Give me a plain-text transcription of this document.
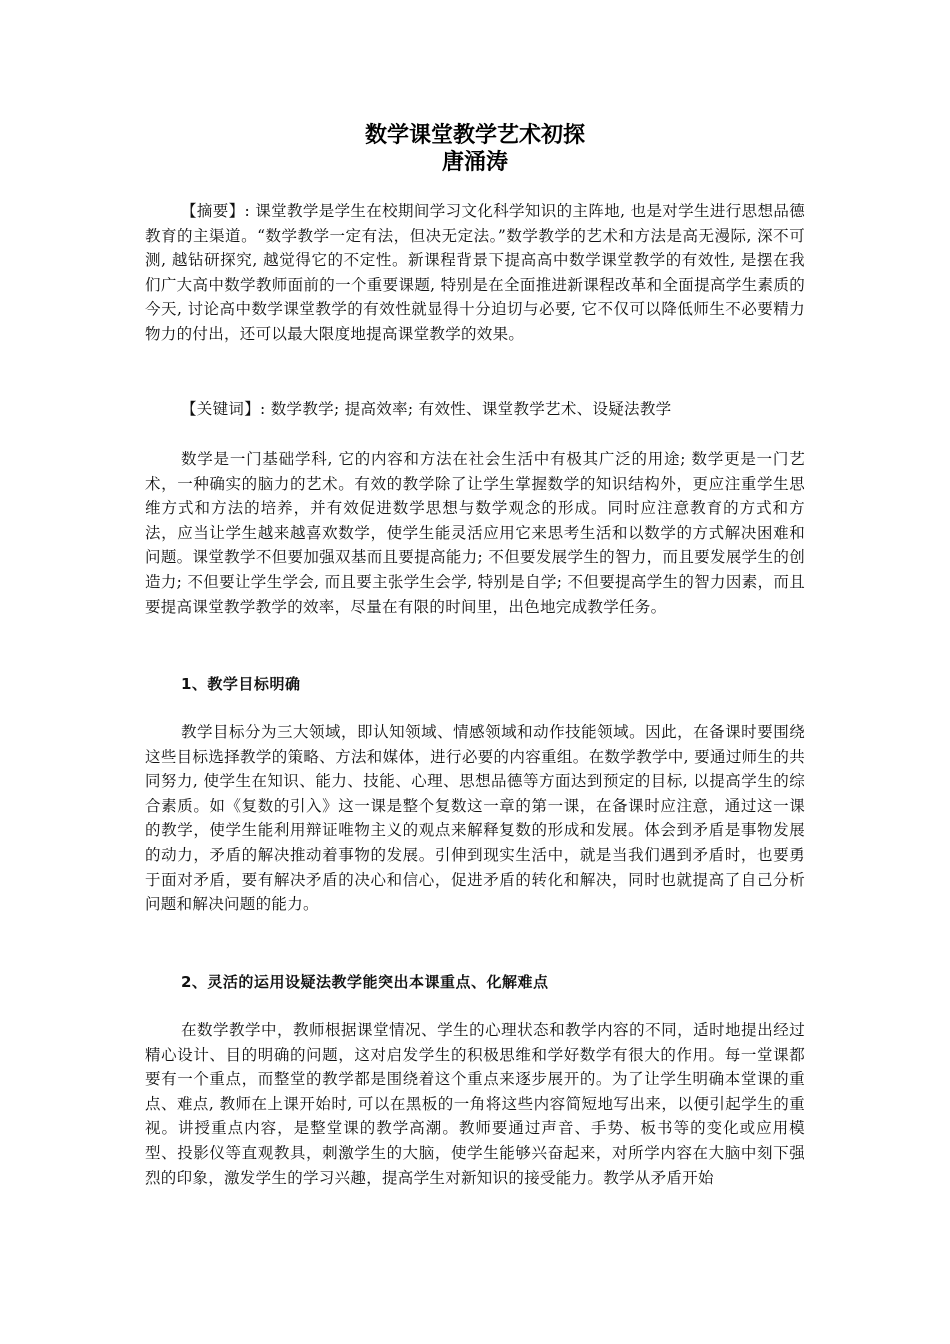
数学课堂教学艺术初探
唐涌涛

【摘要】: 课堂教学是学生在校期间学习文化科学知识的主阵地, 也是对学生进行思想品德教育的主渠道。“数学教学一定有法，但决无定法。”数学教学的艺术和方法是高无漫际, 深不可测, 越钻研探究, 越觉得它的不定性。新课程背景下提高高中数学课堂教学的有效性, 是摆在我们广大高中数学教师面前的一个重要课题, 特别是在全面推进新课程改革和全面提高学生素质的今天, 讨论高中数学课堂教学的有效性就显得十分迫切与必要, 它不仅可以降低师生不必要精力物力的付出，还可以最大限度地提高课堂教学的效果。

【关键词】: 数学教学; 提高效率; 有效性、课堂教学艺术、设疑法教学

数学是一门基础学科, 它的内容和方法在社会生活中有极其广泛的用途; 数学更是一门艺术，一种确实的脑力的艺术。有效的教学除了让学生掌握数学的知识结构外，更应注重学生思维方式和方法的培养，并有效促进数学思想与数学观念的形成。同时应注意教育的方式和方法，应当让学生越来越喜欢数学，使学生能灵活应用它来思考生活和以数学的方式解决困难和问题。课堂教学不但要加强双基而且要提高能力; 不但要发展学生的智力，而且要发展学生的创造力; 不但要让学生学会, 而且要主张学生会学, 特别是自学; 不但要提高学生的智力因素，而且要提高课堂教学教学的效率，尽量在有限的时间里，出色地完成教学任务。

1、教学目标明确

教学目标分为三大领域，即认知领域、情感领域和动作技能领域。因此，在备课时要围绕这些目标选择教学的策略、方法和媒体，进行必要的内容重组。在数学教学中, 要通过师生的共同努力, 使学生在知识、能力、技能、心理、思想品德等方面达到预定的目标, 以提高学生的综合素质。如《复数的引入》这一课是整个复数这一章的第一课，在备课时应注意，通过这一课的教学，使学生能利用辩证唯物主义的观点来解释复数的形成和发展。体会到矛盾是事物发展的动力，矛盾的解决推动着事物的发展。引伸到现实生活中，就是当我们遇到矛盾时，也要勇于面对矛盾，要有解决矛盾的决心和信心，促进矛盾的转化和解决，同时也就提高了自己分析问题和解决问题的能力。

2、灵活的运用设疑法教学能突出本课重点、化解难点

在数学教学中，教师根据课堂情况、学生的心理状态和教学内容的不同，适时地提出经过精心设计、目的明确的问题，这对启发学生的积极思维和学好数学有很大的作用。每一堂课都要有一个重点，而整堂的教学都是围绕着这个重点来逐步展开的。为了让学生明确本堂课的重点、难点, 教师在上课开始时, 可以在黑板的一角将这些内容简短地写出来，以便引起学生的重视。讲授重点内容，是整堂课的教学高潮。教师要通过声音、手势、板书等的变化或应用模型、投影仪等直观教具，刺激学生的大脑，使学生能够兴奋起来，对所学内容在大脑中刻下强烈的印象，激发学生的学习兴趣，提高学生对新知识的接受能力。教学从矛盾开始
